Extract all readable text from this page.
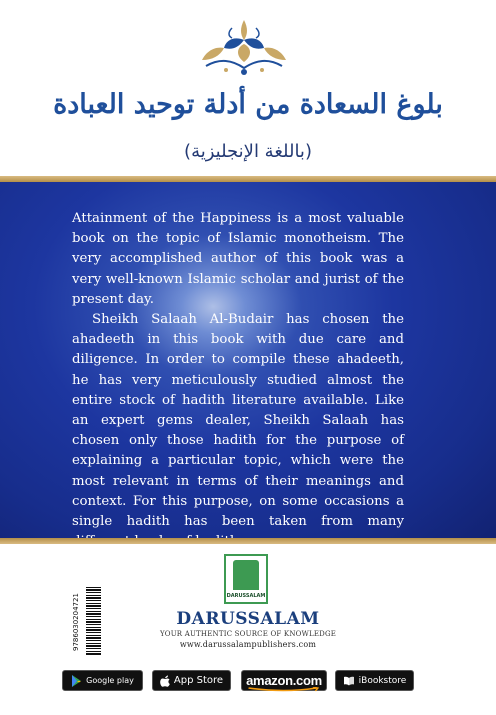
بلوغ السعادة من أدلة توحيد العبادة
(باللغة الإنجليزية)

Attainment of the Happiness is a most valuable book on the topic of Islamic monotheism. The very accomplished author of this book was a very well-known Islamic scholar and jurist of the present day.

Sheikh Salaah Al-Budair has chosen the ahadeeth in this book with due care and diligence. In order to compile these ahadeeth, he has very meticulously studied almost the entire stock of hadith literature available. Like an expert gems dealer, Sheikh Salaah has chosen only those hadith for the purpose of explaining a particular topic, which were the most relevant in terms of their meanings and context. For this purpose, on some occasions a single hadith has been taken from many

9786030204721	DARUSSALAM
DARUSSALAM
YOUR AUTHENTIC SOURCE OF KNOWLEDGE
www.darussalampublishers.com
Google play	App Store amazon.com	iBookstore
